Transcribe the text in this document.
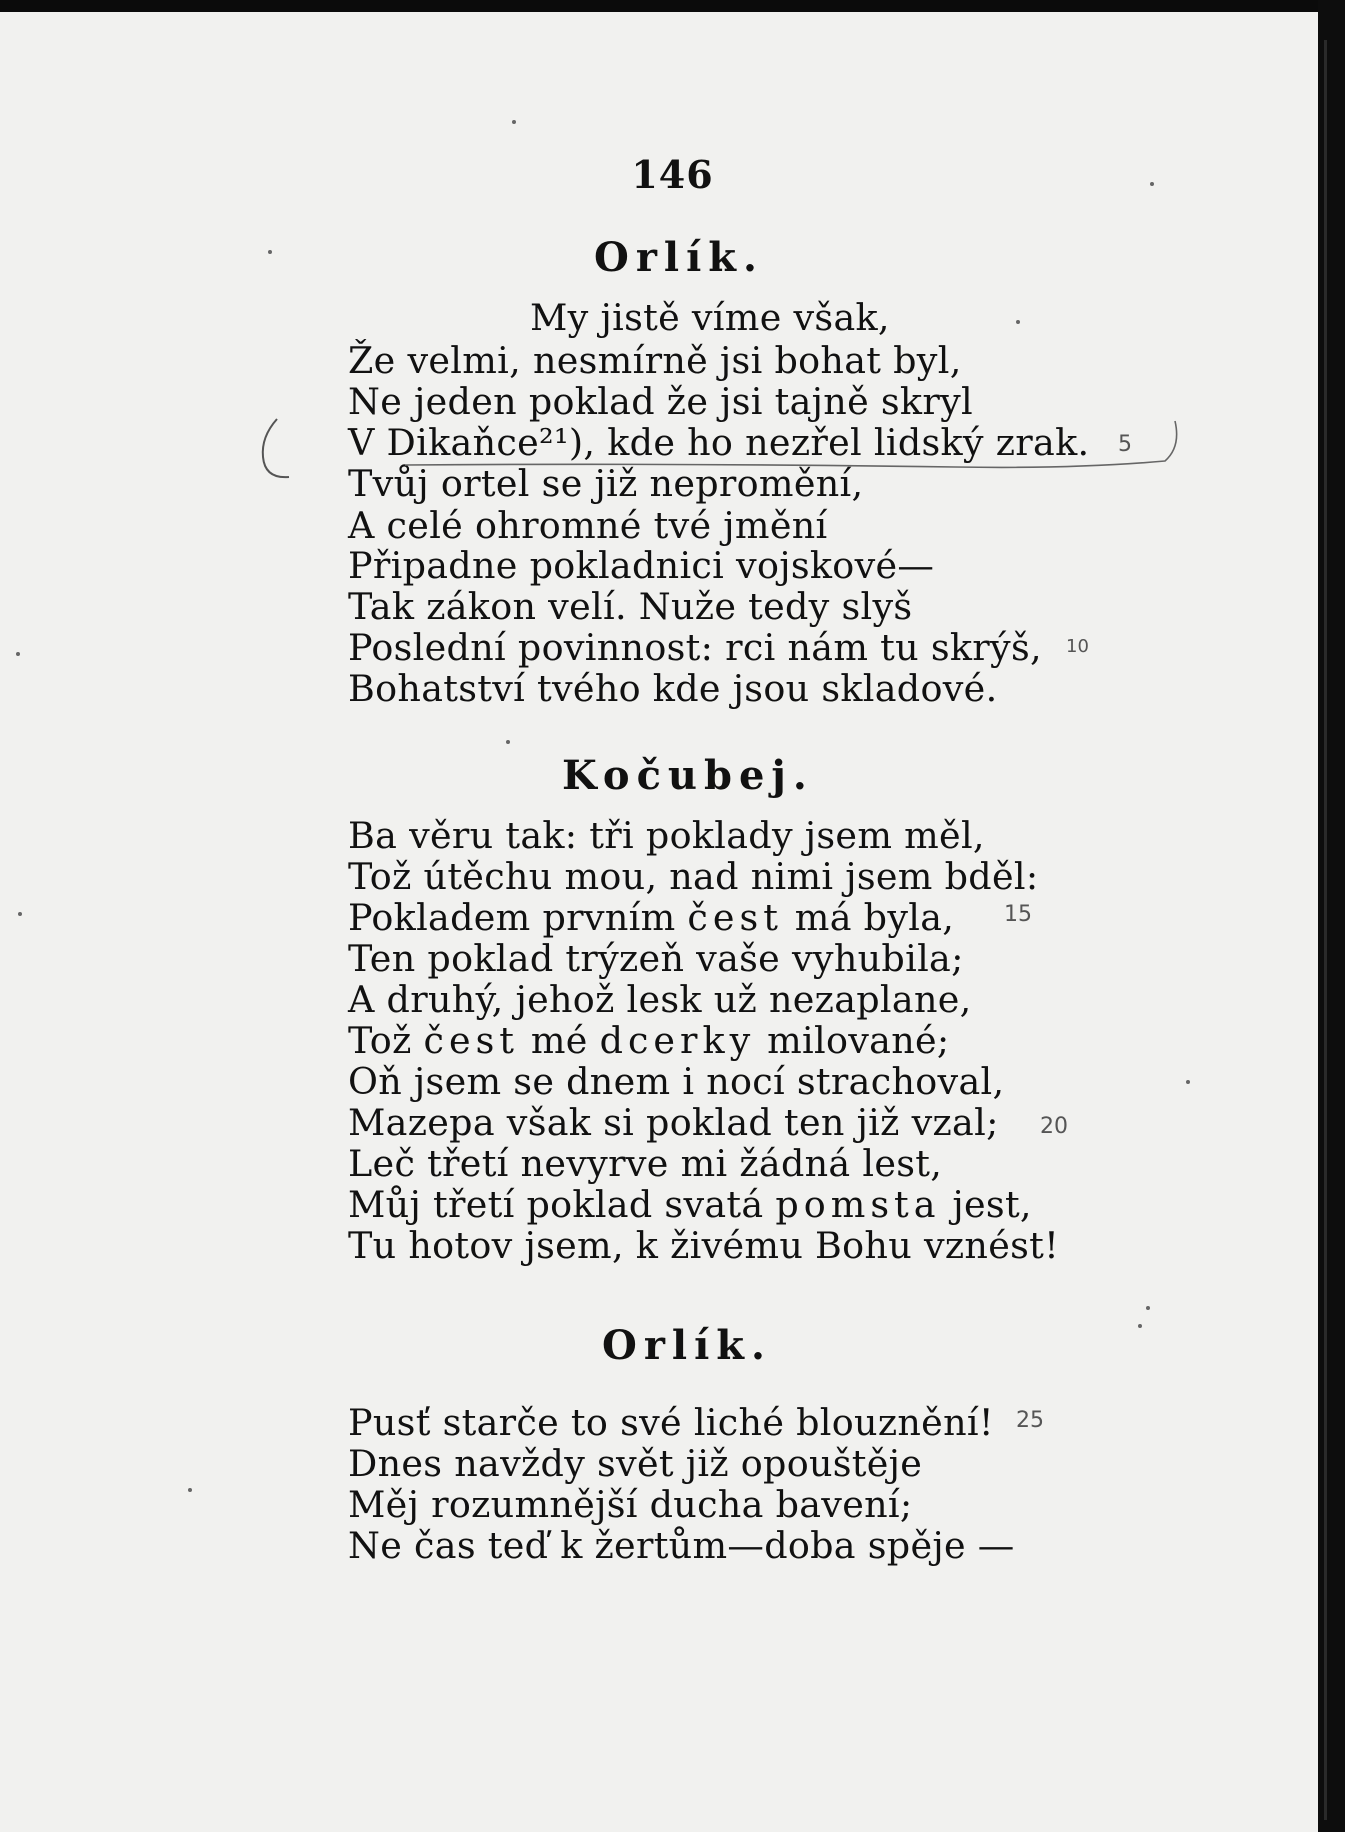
146
Orlík.
My jistě víme však,
Že velmi, nesmírně jsi bohat byl,
Ne jeden poklad že jsi tajně skryl
V Dikaňce²¹), kde ho nezřel lidský zrak.
Tvůj ortel se již nepromění,
A celé ohromné tvé jmění
Připadne pokladnici vojskové—
Tak zákon velí. Nuže tedy slyš
Poslední povinnost: rci nám tu skrýš,
Bohatství tvého kde jsou skladové.
Kočubej.
Ba věru tak: tři poklady jsem měl,
Tož útěchu mou, nad nimi jsem bděl:
Pokladem prvním čest má byla,
Ten poklad trýzeň vaše vyhubila;
A druhý, jehož lesk už nezaplane,
Tož čest mé dcerky milované;
Oň jsem se dnem i nocí strachoval,
Mazepa však si poklad ten již vzal;
Leč třetí nevyrve mi žádná lest,
Můj třetí poklad svatá pomsta jest,
Tu hotov jsem, k živému Bohu vznést!
Orlík.
Pusť starče to své liché blouznění!
Dnes navždy svět již opouštěje
Měj rozumnější ducha bavení;
Ne čas teď k žertům—doba spěje —
5
10
15
20
25
